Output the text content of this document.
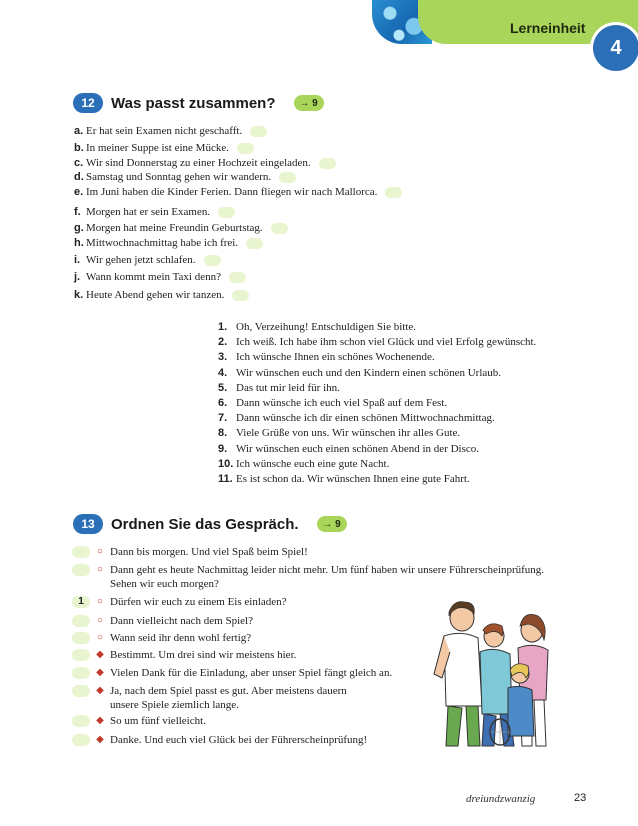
Lerneinheit
4
12	Was passt zusammen?	→ 9
a. Er hat sein Examen nicht geschafft.
b. In meiner Suppe ist eine Mücke.
c. Wir sind Donnerstag zu einer Hochzeit eingeladen.
d. Samstag und Sonntag gehen wir wandern.
e. Im Juni haben die Kinder Ferien. Dann fliegen wir nach Mallorca.
f. Morgen hat er sein Examen.
g. Morgen hat meine Freundin Geburtstag.
h. Mittwochnachmittag habe ich frei.
i. Wir gehen jetzt schlafen.
j. Wann kommt mein Taxi denn?
k. Heute Abend gehen wir tanzen.
1. Oh, Verzeihung! Entschuldigen Sie bitte.
2. Ich weiß. Ich habe ihm schon viel Glück und viel Erfolg gewünscht.
3. Ich wünsche Ihnen ein schönes Wochenende.
4. Wir wünschen euch und den Kindern einen schönen Urlaub.
5. Das tut mir leid für ihn.
6. Dann wünsche ich euch viel Spaß auf dem Fest.
7. Dann wünsche ich dir einen schönen Mittwochnachmittag.
8. Viele Grüße von uns. Wir wünschen ihr alles Gute.
9. Wir wünschen euch einen schönen Abend in der Disco.
10. Ich wünsche euch eine gute Nacht.
11. Es ist schon da. Wir wünschen Ihnen eine gute Fahrt.
13	Ordnen Sie das Gespräch.	→ 9
○ Dann bis morgen. Und viel Spaß beim Spiel!
○ Dann geht es heute Nachmittag leider nicht mehr. Um fünf haben wir unsere Führerscheinprüfung.
Sehen wir euch morgen?
1	○ Dürfen wir euch zu einem Eis einladen?
○ Dann vielleicht nach dem Spiel?
○ Wann seid ihr denn wohl fertig?
◆ Bestimmt. Um drei sind wir meistens hier.
◆ Vielen Dank für die Einladung, aber unser Spiel fängt gleich an.
◆ Ja, nach dem Spiel passt es gut. Aber meistens dauern
unsere Spiele ziemlich lange.
◆ So um fünf vielleicht.
◆ Danke. Und euch viel Glück bei der Führerscheinprüfung!
dreiundzwanzig	23
